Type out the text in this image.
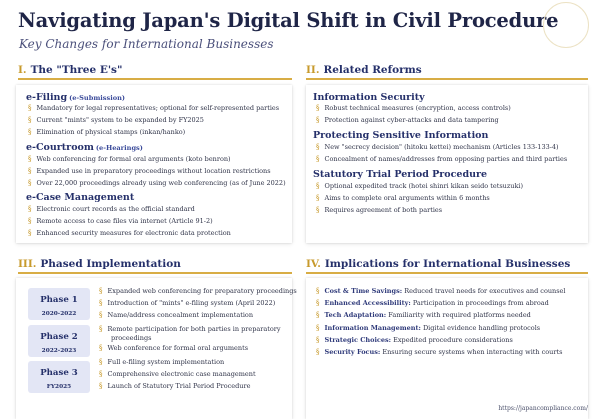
Navigating Japan's Digital Shift in Civil Procedure
Key Changes for International Businesses
I. The "Three E's"
e-Filing (e-Submission)
§ Mandatory for legal representatives; optional for self-represented parties
§ Current "mints" system to be expanded by FY2025
§ Elimination of physical stamps (inkan/hanko)
e-Courtroom (e-Hearings)
§ Web conferencing for formal oral arguments (koto benron)
§ Expanded use in preparatory proceedings without location restrictions
§ Over 22,000 proceedings already using web conferencing (as of June 2022)
e-Case Management
§ Electronic court records as the official standard
§ Remote access to case files via internet (Article 91-2)
§ Enhanced security measures for electronic data protection
II. Related Reforms
Information Security
§ Robust technical measures (encryption, access controls)
§ Protection against cyber-attacks and data tampering
Protecting Sensitive Information
§ New "secrecy decision" (hitoku kettei) mechanism (Articles 133-133-4)
§ Concealment of names/addresses from opposing parties and third parties
Statutory Trial Period Procedure
§ Optional expedited track (hotei shinri kikan seido tetsuzuki)
§ Aims to complete oral arguments within 6 months
§ Requires agreement of both parties
III. Phased Implementation
Phase 1
2020-2022
§ Expanded web conferencing for preparatory proceedings
§ Introduction of "mints" e-filing system (April 2022)
§ Name/address concealment implementation
Phase 2
2022-2023
§ Remote participation for both parties in preparatory
proceedings
§ Web conference for formal oral arguments
Phase 3
FY2025
§ Full e-filing system implementation
§ Comprehensive electronic case management
§ Launch of Statutory Trial Period Procedure
IV. Implications for International Businesses
§ Cost & Time Savings:
Reduced travel needs for executives and counsel
§ Enhanced Accessibility:
Participation in proceedings from abroad
§ Tech Adaptation:
Familiarity with required platforms needed
§ Information Management:
Digital evidence handling protocols
§ Strategic Choices:
Expedited procedure considerations
§ Security Focus:
Ensuring secure systems when interacting with courts
https://japancompliance.com/
